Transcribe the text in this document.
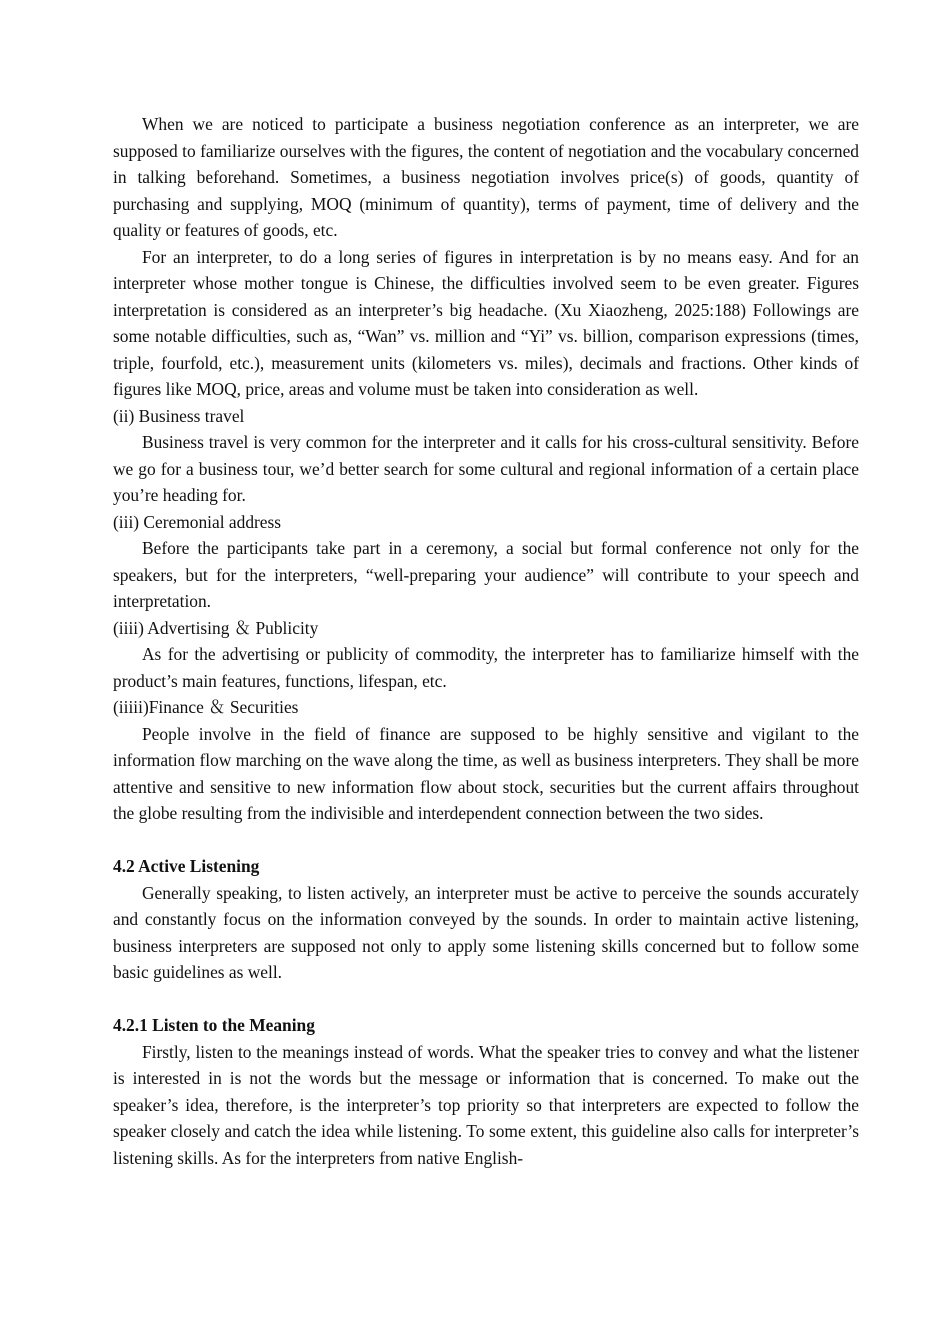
When we are noticed to participate a business negotiation conference as an interpreter, we are supposed to familiarize ourselves with the figures, the content of negotiation and the vocabulary concerned in talking beforehand. Sometimes, a business negotiation involves price(s) of goods, quantity of purchasing and supplying, MOQ (minimum of quantity), terms of payment, time of delivery and the quality or features of goods, etc.

For an interpreter, to do a long series of figures in interpretation is by no means easy. And for an interpreter whose mother tongue is Chinese, the difficulties involved seem to be even greater. Figures interpretation is considered as an interpreter’s big headache. (Xu Xiaozheng, 2025:188) Followings are some notable difficulties, such as, “Wan” vs. million and “Yi” vs. billion, comparison expressions (times, triple, fourfold, etc.), measurement units (kilometers vs. miles), decimals and fractions. Other kinds of figures like MOQ, price, areas and volume must be taken into consideration as well.

(ii) Business travel

Business travel is very common for the interpreter and it calls for his cross-cultural sensitivity. Before we go for a business tour, we’d better search for some cultural and regional information of a certain place you’re heading for.

(iii) Ceremonial address

Before the participants take part in a ceremony, a social but formal conference not only for the speakers, but for the interpreters, “well-preparing your audience” will contribute to your speech and interpretation.

(iiii) Advertising ＆ Publicity

As for the advertising or publicity of commodity, the interpreter has to familiarize himself with the product’s main features, functions, lifespan, etc.

(iiiii)Finance ＆ Securities

People involve in the field of finance are supposed to be highly sensitive and vigilant to the information flow marching on the wave along the time, as well as business interpreters. They shall be more attentive and sensitive to new information flow about stock, securities but the current affairs throughout the globe resulting from the indivisible and interdependent connection between the two sides.

4.2 Active Listening

Generally speaking, to listen actively, an interpreter must be active to perceive the sounds accurately and constantly focus on the information conveyed by the sounds. In order to maintain active listening, business interpreters are supposed not only to apply some listening skills concerned but to follow some basic guidelines as well.

4.2.1 Listen to the Meaning

Firstly, listen to the meanings instead of words. What the speaker tries to convey and what the listener is interested in is not the words but the message or information that is concerned. To make out the speaker’s idea, therefore, is the interpreter’s top priority so that interpreters are expected to follow the speaker closely and catch the idea while listening. To some extent, this guideline also calls for interpreter’s listening skills. As for the interpreters from native English-
